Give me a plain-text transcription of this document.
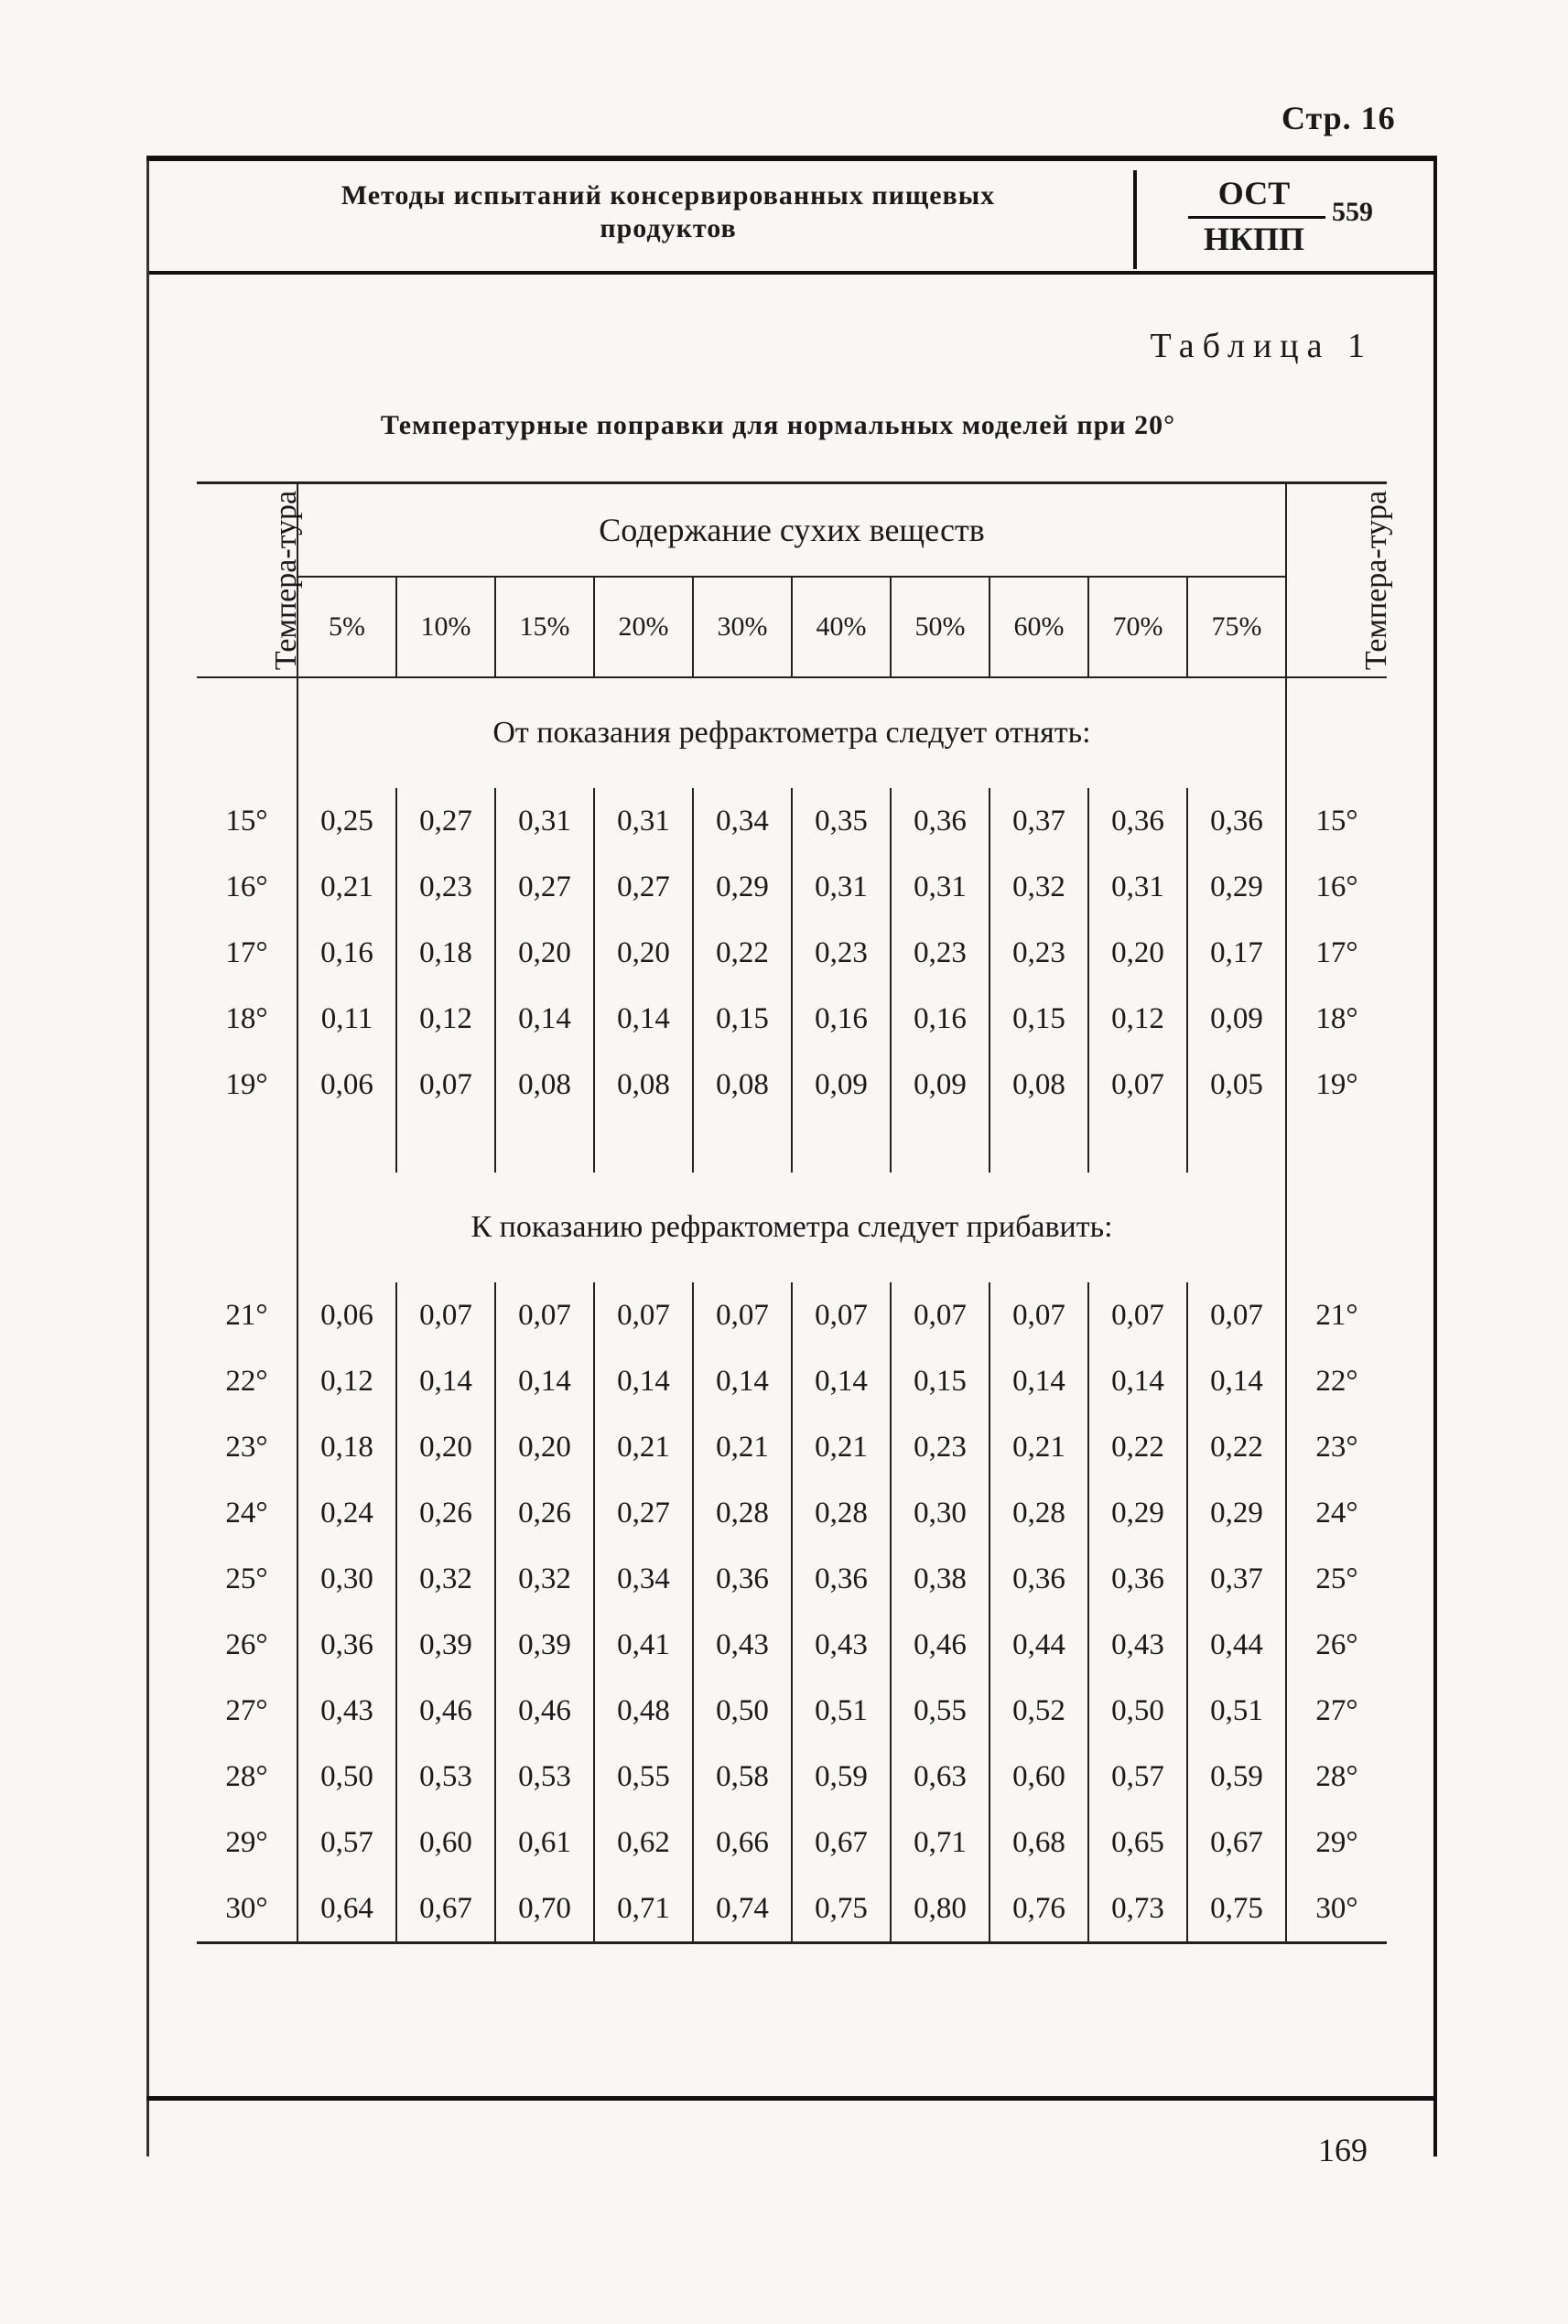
Стр. 16
Методы испытаний консервированных пищевых
продуктов
ОСТ
НКПП
559
Таблица 1
Температурные поправки для нормальных моделей при 20°
Темпера-тура	Содержание сухих веществ										Темпера-тура
	5%	10%	15%	20%	30%	40%	50%	60%	70%	75%	
	От показания рефрактометра следует отнять:										
15°	0,25	0,27	0,31	0,31	0,34	0,35	0,36	0,37	0,36	0,36	15°
16°	0,21	0,23	0,27	0,27	0,29	0,31	0,31	0,32	0,31	0,29	16°
17°	0,16	0,18	0,20	0,20	0,22	0,23	0,23	0,23	0,20	0,17	17°
18°	0,11	0,12	0,14	0,14	0,15	0,16	0,16	0,15	0,12	0,09	18°
19°	0,06	0,07	0,08	0,08	0,08	0,09	0,09	0,08	0,07	0,05	19°

	К показанию рефрактометра следует прибавить:										
21°	0,06	0,07	0,07	0,07	0,07	0,07	0,07	0,07	0,07	0,07	21°
22°	0,12	0,14	0,14	0,14	0,14	0,14	0,15	0,14	0,14	0,14	22°
23°	0,18	0,20	0,20	0,21	0,21	0,21	0,23	0,21	0,22	0,22	23°
24°	0,24	0,26	0,26	0,27	0,28	0,28	0,30	0,28	0,29	0,29	24°
25°	0,30	0,32	0,32	0,34	0,36	0,36	0,38	0,36	0,36	0,37	25°
26°	0,36	0,39	0,39	0,41	0,43	0,43	0,46	0,44	0,43	0,44	26°
27°	0,43	0,46	0,46	0,48	0,50	0,51	0,55	0,52	0,50	0,51	27°
28°	0,50	0,53	0,53	0,55	0,58	0,59	0,63	0,60	0,57	0,59	28°
29°	0,57	0,60	0,61	0,62	0,66	0,67	0,71	0,68	0,65	0,67	29°
30°	0,64	0,67	0,70	0,71	0,74	0,75	0,80	0,76	0,73	0,75	30°
169
